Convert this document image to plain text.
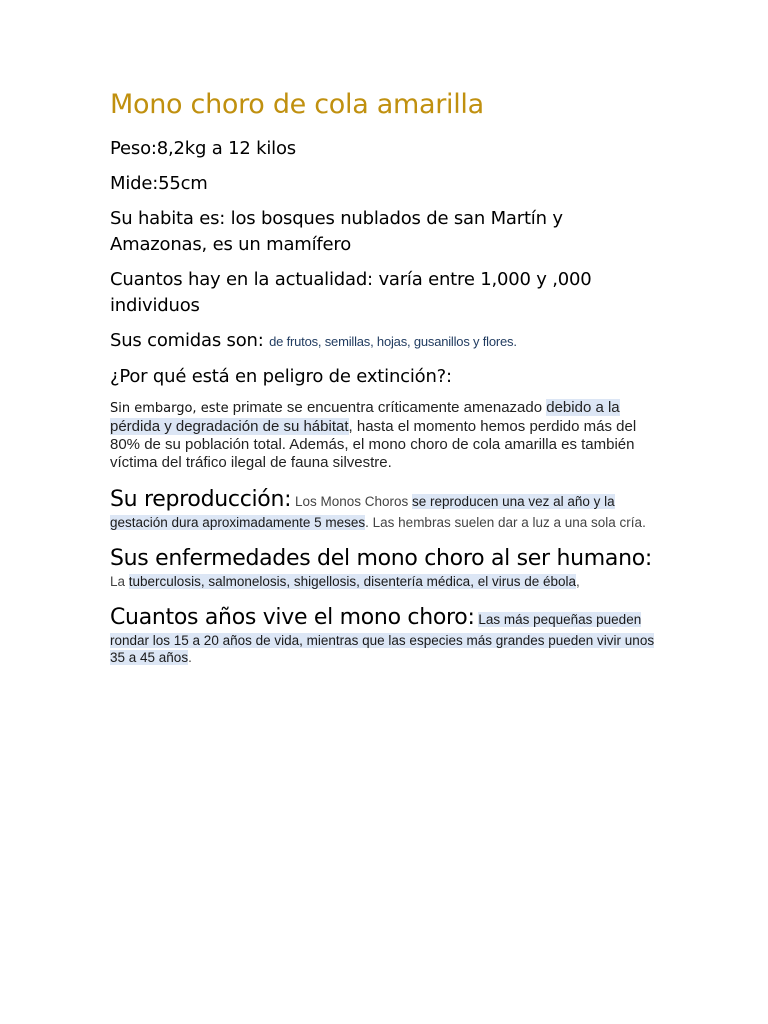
Mono choro de cola amarilla

Peso:8,2kg a 12 kilos

Mide:55cm

Su habita es: los bosques nublados de san Martín y Amazonas, es un mamífero

Cuantos hay en la actualidad: varía entre 1,000 y ,000 individuos

Sus comidas son: de frutos, semillas, hojas, gusanillos y flores.

¿Por qué está en peligro de extinción?:

Sin embargo, este primate se encuentra críticamente amenazado debido a la pérdida y degradación de su hábitat, hasta el momento hemos perdido más del 80% de su población total. Además, el mono choro de cola amarilla es también víctima del tráfico ilegal de fauna silvestre.

Su reproducción: Los Monos Choros se reproducen una vez al año y la gestación dura aproximadamente 5 meses. Las hembras suelen dar a luz a una sola cría.

Sus enfermedades del mono choro al ser humano:
La tuberculosis, salmonelosis, shigellosis, disentería médica, el virus de ébola,

Cuantos años vive el mono choro: Las más pequeñas pueden rondar los 15 a 20 años de vida, mientras que las especies más grandes pueden vivir unos 35 a 45 años.
